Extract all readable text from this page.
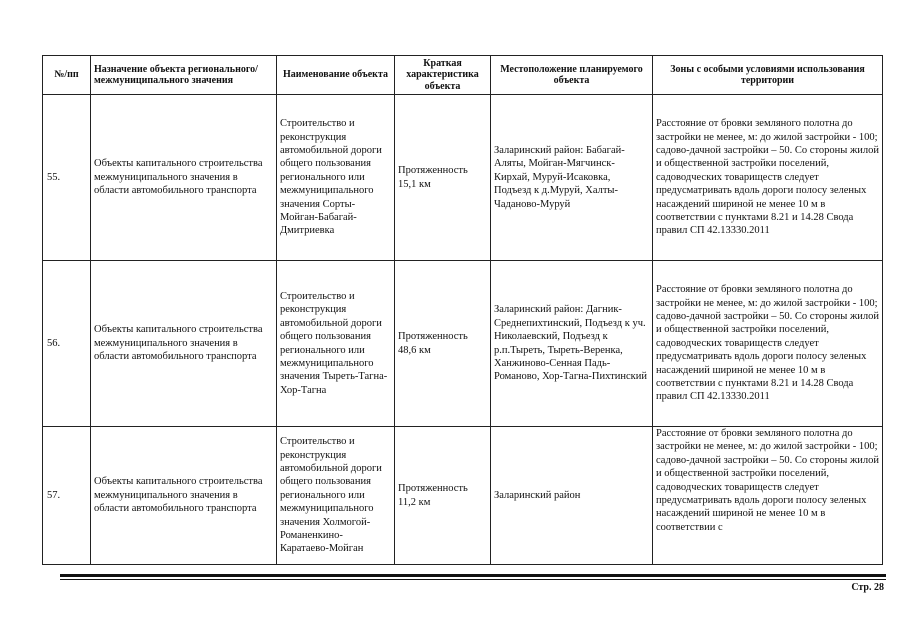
№/пп	Назначение объекта регионального/ межмуниципального значения	Наименование объекта	Краткая характеристика объекта	Местоположение планируемого объекта	Зоны с особыми условиями использования территории
55.	Объекты капитального строительства межмуниципального значения в области автомобильного транспорта	Строительство и реконструкция автомобильной дороги общего пользования регионального или межмуниципального значения Сорты-Мойган-Бабагай-Дмитриевка	Протяженность 15,1 км	Заларинский район: Бабагай-Аляты, Мойган-Мягчинск-Кирхай, Муруй-Исаковка, Подъезд к д.Муруй, Халты-Чаданово-Муруй	Расстояние от бровки земляного полотна до застройки не менее, м: до жилой застройки - 100; садово-дачной застройки – 50. Со стороны жилой и общественной застройки поселений, садоводческих товариществ следует предусматривать вдоль дороги полосу зеленых насаждений шириной не менее 10 м в соответствии с пунктами 8.21 и 14.28 Свода правил СП 42.13330.2011
56.	Объекты капитального строительства межмуниципального значения в области автомобильного транспорта	Строительство и реконструкция автомобильной дороги общего пользования регионального или межмуниципального значения Тыреть-Тагна-Хор-Тагна	Протяженность 48,6 км	Заларинский район: Дагник-Среднепихтинский, Подъезд к уч. Николаевский, Подъезд к р.п.Тыреть, Тыреть-Веренка, Ханжиново-Сенная Падь-Романово, Хор-Тагна-Пихтинский	Расстояние от бровки земляного полотна до застройки не менее, м: до жилой застройки - 100; садово-дачной застройки – 50. Со стороны жилой и общественной застройки поселений, садоводческих товариществ следует предусматривать вдоль дороги полосу зеленых насаждений шириной не менее 10 м в соответствии с пунктами 8.21 и 14.28 Свода правил СП 42.13330.2011
57.	Объекты капитального строительства межмуниципального значения в области автомобильного транспорта	Строительство и реконструкция автомобильной дороги общего пользования регионального или межмуниципального значения Холмогой-Романенкино-Каратаево-Мойган	Протяженность 11,2 км	Заларинский район	Расстояние от бровки земляного полотна до застройки не менее, м: до жилой застройки - 100; садово-дачной застройки – 50. Со стороны жилой и общественной застройки поселений, садоводческих товариществ следует предусматривать вдоль дороги полосу зеленых насаждений шириной не менее 10 м в соответствии с
Стр. 28
